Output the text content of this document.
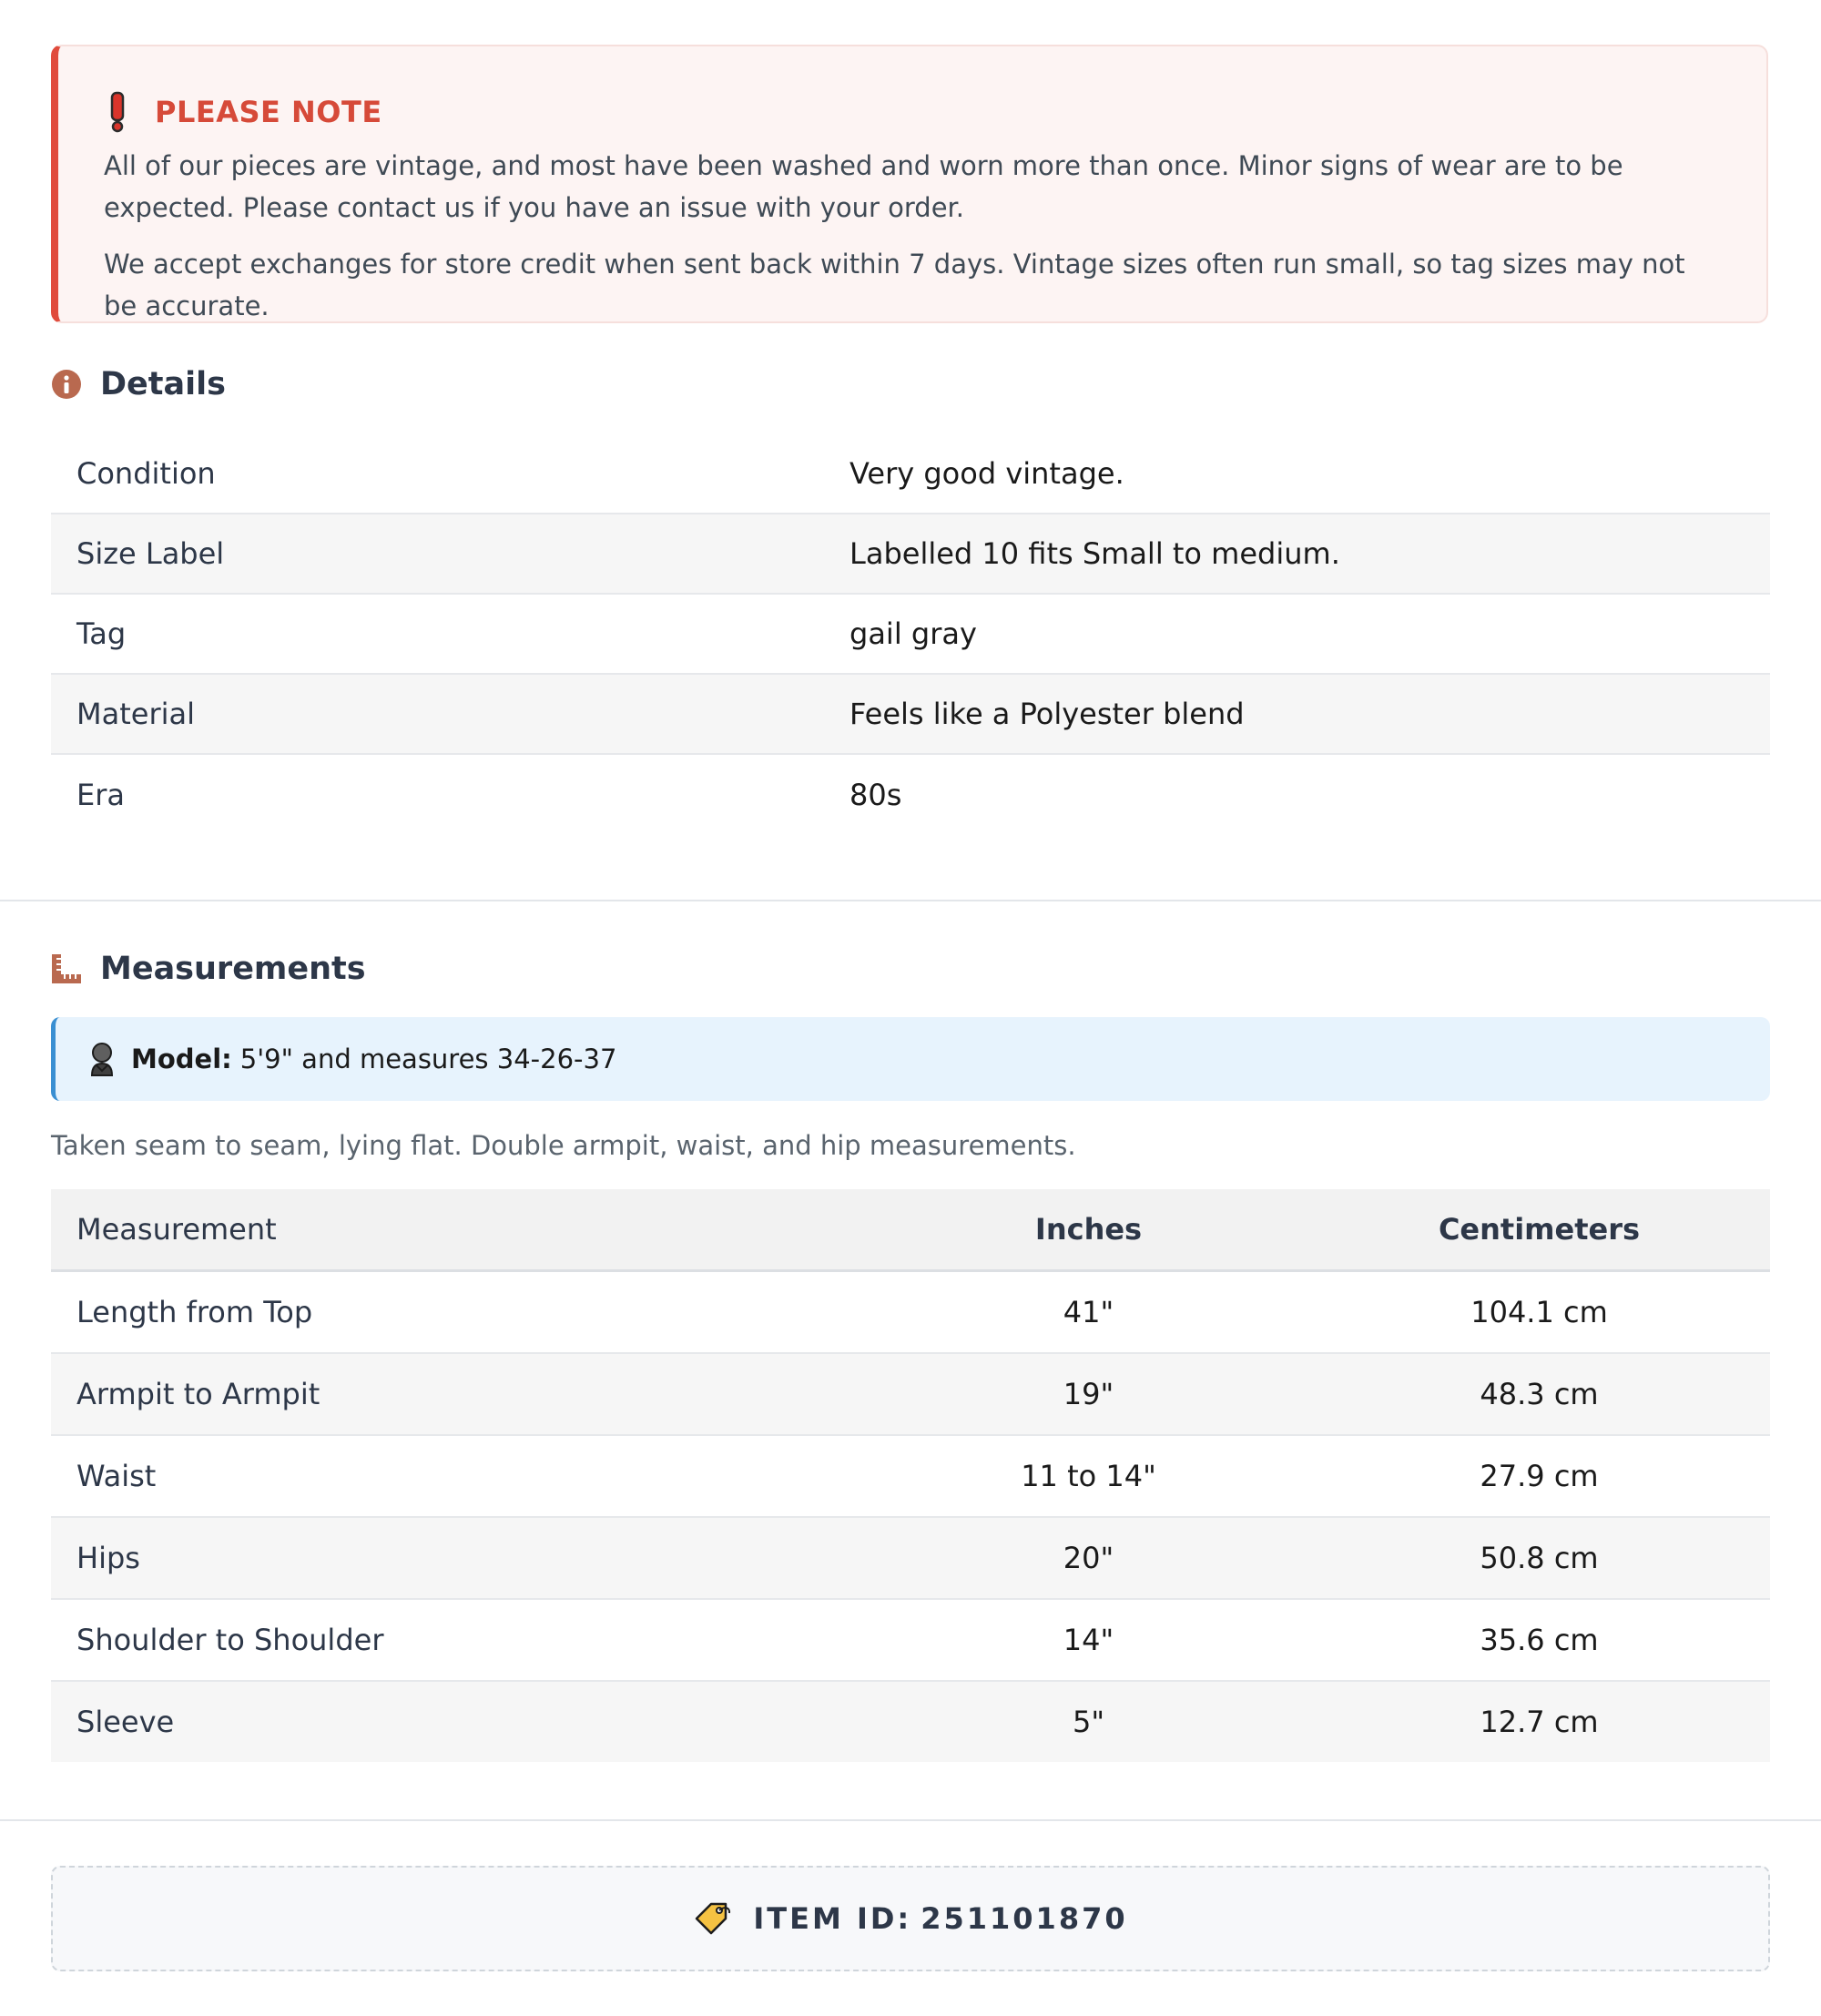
PLEASE NOTE

All of our pieces are vintage, and most have been washed and worn more than once. Minor signs of wear are to be expected. Please contact us if you have an issue with your order.

We accept exchanges for store credit when sent back within 7 days. Vintage sizes often run small, so tag sizes may not be accurate.

Details
Condition	Very good vintage.
Size Label	Labelled 10 fits Small to medium.
Tag	gail gray
Material	Feels like a Polyester blend
Era	80s
Measurements
Model: 5'9" and measures 34-26-37
Taken seam to seam, lying flat. Double armpit, waist, and hip measurements.
Measurement	Inches	Centimeters
Length from Top	41"	104.1 cm
Armpit to Armpit	19"	48.3 cm
Waist	11 to 14"	27.9 cm
Hips	20"	50.8 cm
Shoulder to Shoulder	14"	35.6 cm
Sleeve	5"	12.7 cm
ITEM ID: 251101870
